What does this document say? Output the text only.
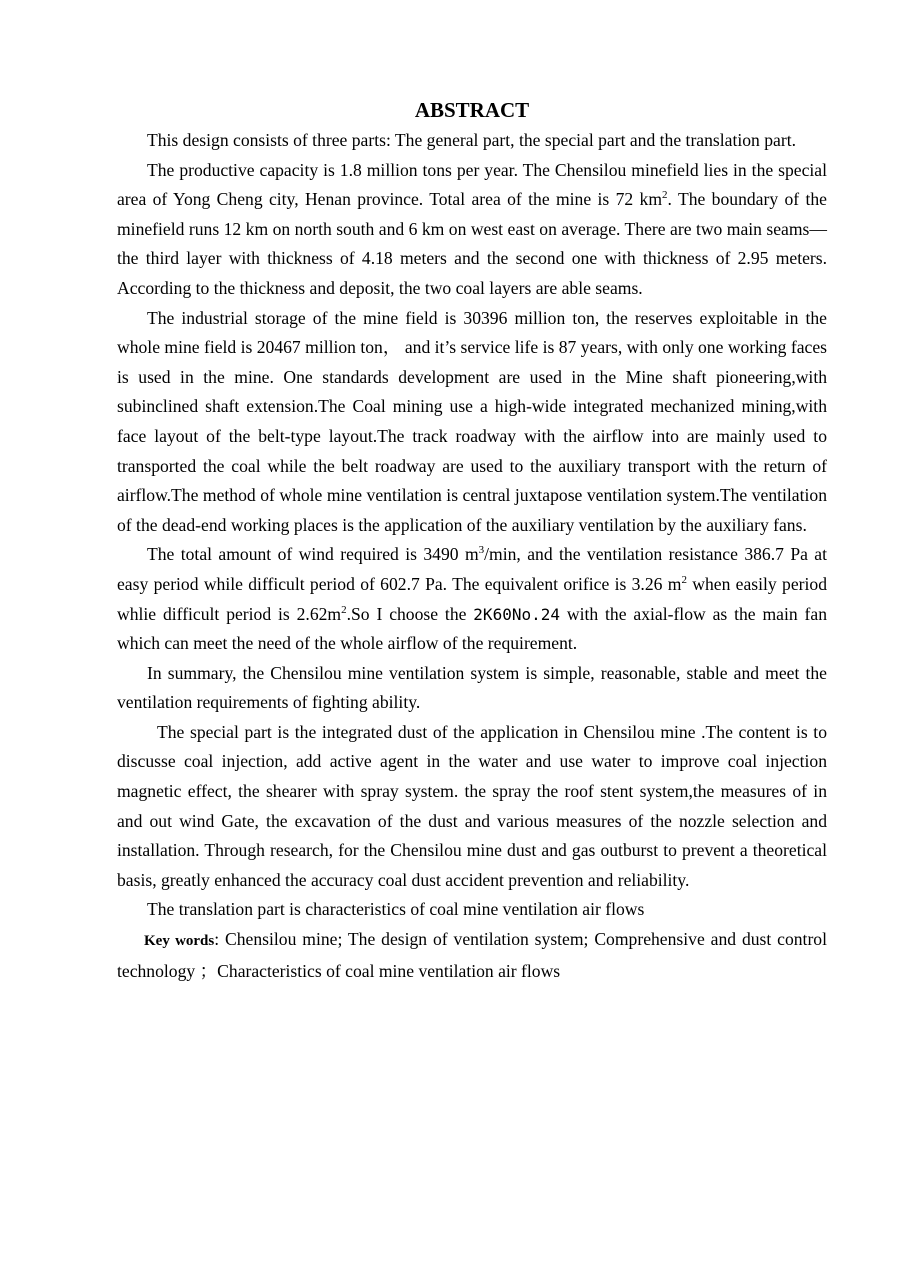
ABSTRACT

This design consists of three parts: The general part, the special part and the translation part.

The productive capacity is 1.8 million tons per year. The Chensilou minefield lies in the special area of Yong Cheng city, Henan province. Total area of the mine is 72 $km^2$. The boundary of the minefield runs 12 km on north south and 6 km on west east on average. There are two main seams—the third layer with thickness of 4.18 meters and the second one with thickness of 2.95 meters. According to the thickness and deposit, the two coal layers are able seams.

The industrial storage of the mine field is 30396 million ton, the reserves exploitable in the whole mine field is 20467 million ton， and it’s service life is 87 years, with only one working faces is used in the mine. One standards development are used in the Mine shaft pioneering,with subinclined shaft extension.The Coal mining use a high-wide integrated mechanized mining,with face layout of the belt-type layout.The track roadway with the airflow into are mainly used to transported the coal while the belt roadway are used to the auxiliary transport with the return of airflow.The method of whole mine ventilation is central juxtapose ventilation system.The ventilation of the dead-end working places is the application of the auxiliary ventilation by the auxiliary fans.

The total amount of wind required is 3490 $m^3/\min$, and the ventilation resistance 386.7 Pa at easy period while difficult period of 602.7 Pa. The equivalent orifice is 3.26 $m^2$ when easily period whlie difficult period is $2.62m^2.So$ I choose the 2K60No.24 with the axial-flow as the main fan which can meet the need of the whole airflow of the requirement.

In summary, the Chensilou mine ventilation system is simple, reasonable, stable and meet the ventilation requirements of fighting ability.

The special part is the integrated dust of the application in Chensilou mine .The content is to discusse coal injection, add active agent in the water and use water to improve coal injection magnetic effect, the shearer with spray system. the spray the roof stent system,the measures of in and out wind Gate, the excavation of the dust and various measures of the nozzle selection and installation. Through research, for the Chensilou mine dust and gas outburst to prevent a theoretical basis, greatly enhanced the accuracy coal dust accident prevention and reliability.

The translation part is characteristics of coal mine ventilation air flows

Key words: Chensilou mine; The design of ventilation system; Comprehensive and dust control technology ；Characteristics of coal mine ventilation air flows
